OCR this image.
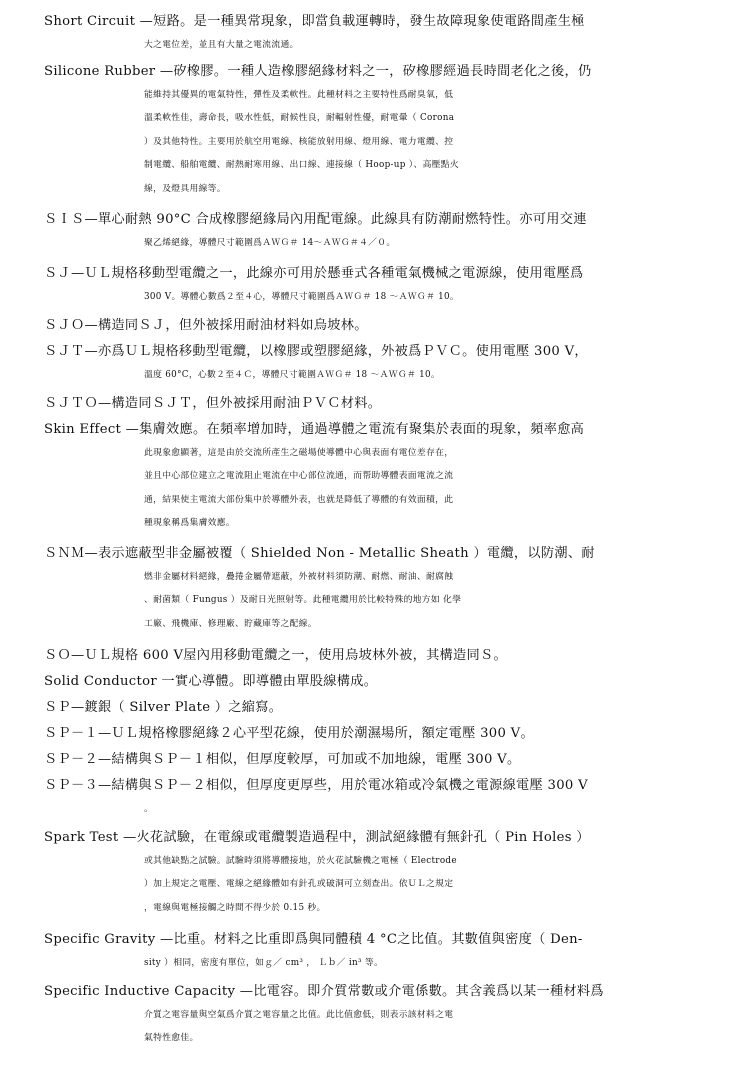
Short Circuit —短路。是一種異常現象，即當負載運轉時，發生故障現象使電路間產生極
大之電位差，並且有大量之電流流通。
Silicone Rubber —矽橡膠。一種人造橡膠絕緣材料之一，矽橡膠經過長時間老化之後，仍
能維持其優異的電氣特性，彈性及柔軟性。此種材料之主要特性爲耐臭氧，低
溫柔軟性佳，壽命長，吸水性低，耐候性良，耐輻射性優，耐電暈（ Corona
）及其他特性。主要用於航空用電線、核能放射用線、燈用線、電力電纜、控
制電纜、船舶電纜、耐熱耐寒用線、出口線、連接線（ Hoop-up ）、高壓點火
線，及燈具用線等。
ＳＩＳ—單心耐熱 90°C 合成橡膠絕緣局內用配電線。此線具有防潮耐燃特性。亦可用交連
聚乙烯絕緣，導體尺寸範圍爲ＡＷＧ＃ 14～ＡＷＧ＃４／０。
ＳＪ—ＵＬ規格移動型電纜之一，此線亦可用於懸垂式各種電氣機械之電源線，使用電壓爲
300 V。導體心數爲２至４心，導體尺寸範圍爲ＡＷＧ＃ 18 ～ＡＷＧ＃ 10。
ＳＪＯ—構造同ＳＪ，但外被採用耐油材料如烏坡林。
ＳＪＴ—亦爲ＵＬ規格移動型電纜，以橡膠或塑膠絕緣，外被爲ＰＶＣ。使用電壓 300 V，
溫度 60°C，心數２至４Ｃ，導體尺寸範圍ＡＷＧ＃ 18 ～ＡＷＧ＃ 10。
ＳＪＴＯ—構造同ＳＪＴ，但外被採用耐油ＰＶＣ材料。
Skin Effect —集膚效應。在頻率增加時，通過導體之電流有聚集於表面的現象，頻率愈高
此現象愈顯著，這是由於交流所產生之磁場使導體中心與表面有電位差存在，
並且中心部位建立之電流阻止電流在中心部位流通，而帮助導體表面電流之流
通，結果使主電流大部份集中於導體外表，也就是降低了導體的有效面積，此
種現象稱爲集膚效應。
ＳＮＭ—表示遮蔽型非金屬被覆（ Shielded Non - Metallic Sheath ）電纜，以防潮、耐
燃非金屬材料絕緣，疊捲金屬帶遮蔽，外被材料須防潮、耐燃、耐油、耐腐蝕
、耐菌類（ Fungus ）及耐日光照射等。此種電纜用於比較特殊的地方如 化學
工廠、飛機庫、修理廠、貯藏庫等之配線。
ＳＯ—ＵＬ規格 600 V屋內用移動電纜之一，使用烏坡林外被，其構造同Ｓ。
Solid Conductor 一實心導體。即導體由單股線構成。
ＳＰ—鍍銀（ Silver Plate ）之縮寫。
ＳＰ－１—ＵＬ規格橡膠絕緣２心平型花線，使用於潮濕場所，額定電壓 300 V。
ＳＰ－２—結構與ＳＰ－１相似，但厚度較厚，可加或不加地線，電壓 300 V。
ＳＰ－３—結構與ＳＰ－２相似，但厚度更厚些，用於電冰箱或冷氣機之電源線電壓 300 V
。
Spark Test —火花試驗，在電線或電纜製造過程中，測試絕緣體有無針孔（ Pin Holes ）
或其他缺點之試驗。試驗時須將導體接地，於火花試驗機之電極（ Electrode
）加上規定之電壓、電線之絕緣體如有針孔或破洞可立刻查出。依ＵＬ之規定
，電線與電極接觸之時間不得少於 0.15 秒。
Specific Gravity —比重。材料之比重即爲與同體積 4 °C之比值。其數值與密度（ Den-
sity ）相同，密度有單位，如ｇ／ cm³ ， Ｌｂ／ in³ 等。
Specific Inductive Capacity —比電容。即介質常數或介電係數。其含義爲以某一種材料爲
介質之電容量與空氣爲介質之電容量之比值。此比值愈低，則表示該材料之電
氣特性愈佳。
